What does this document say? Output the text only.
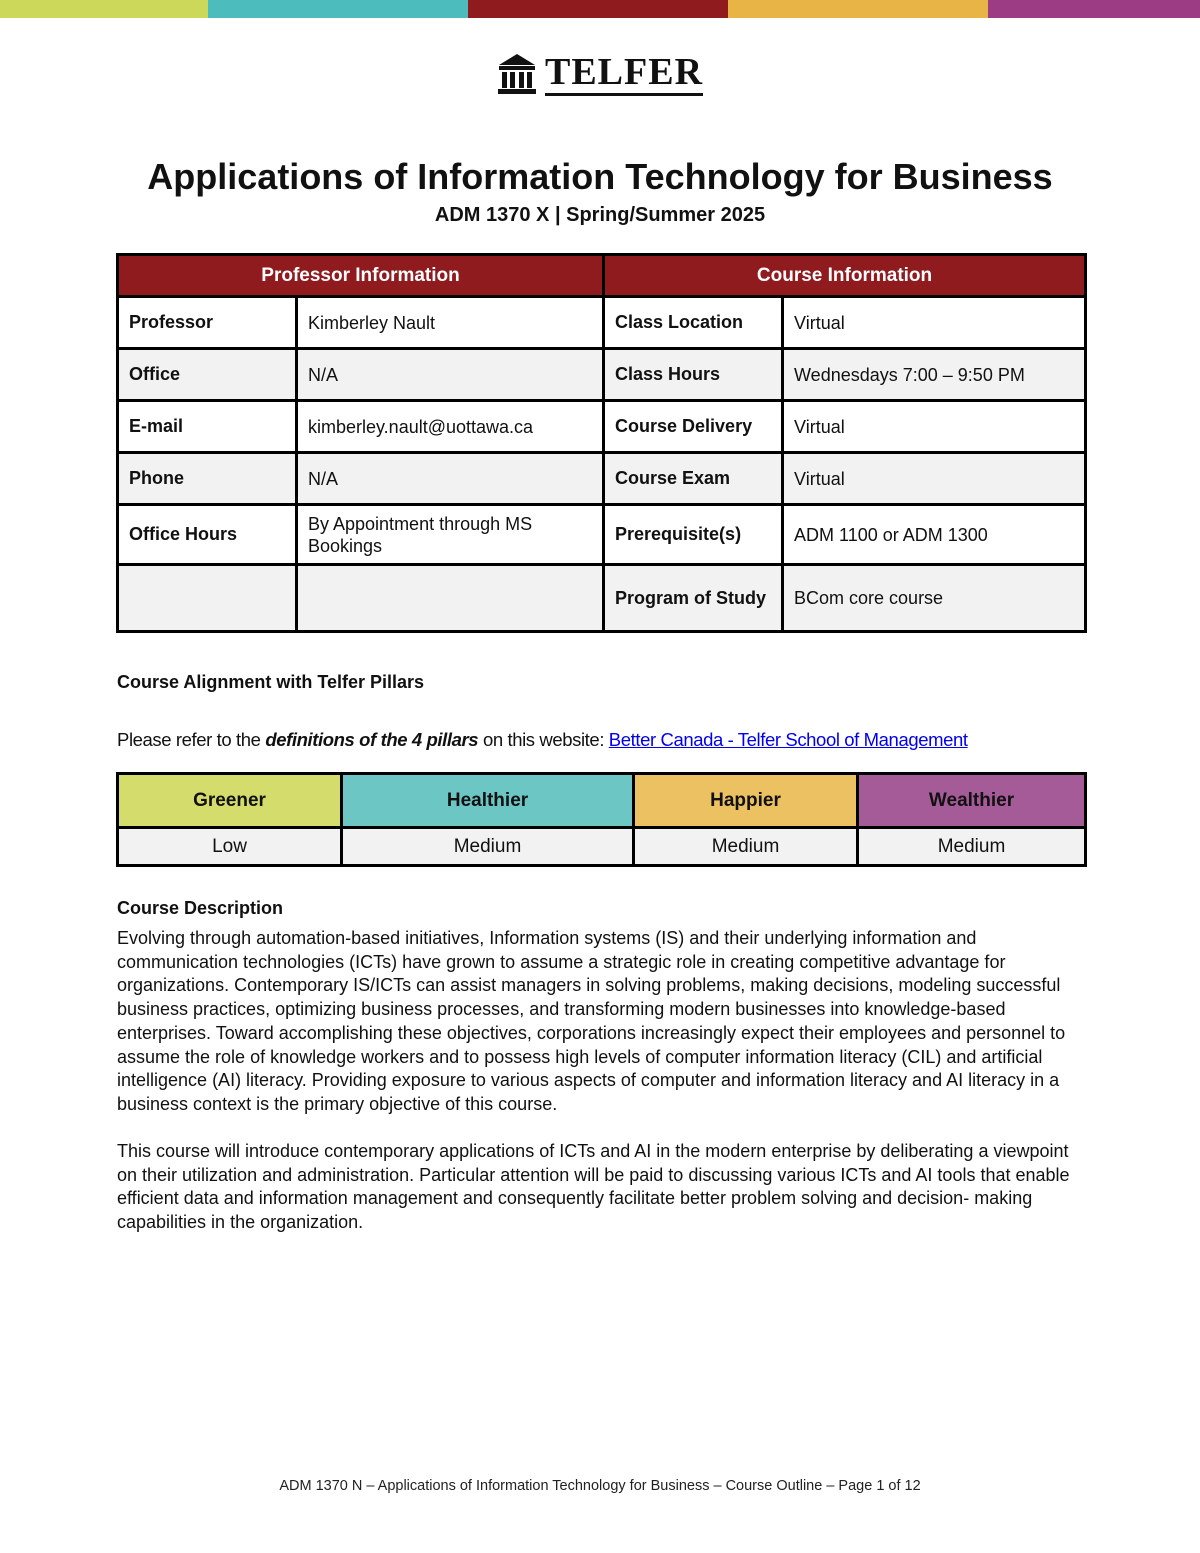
TELFER
Applications of Information Technology for Business
ADM 1370 X | Spring/Summer 2025
Professor Information		Course Information	
Professor	Kimberley Nault	Class Location	Virtual
Office	N/A	Class Hours	Wednesdays 7:00 – 9:50 PM
E-mail	kimberley.nault@uottawa.ca	Course Delivery	Virtual
Phone	N/A	Course Exam	Virtual
Office Hours	By Appointment through MS Bookings	Prerequisite(s)	ADM 1100 or ADM 1300
		Program of Study	BCom core course
Course Alignment with Telfer Pillars
Please refer to the definitions of the 4 pillars on this website: Better Canada - Telfer School of Management
Greener	Healthier	Happier	Wealthier
Low	Medium	Medium	Medium
Course Description
Evolving through automation-based initiatives, Information systems (IS) and their underlying information and communication technologies (ICTs) have grown to assume a strategic role in creating competitive advantage for organizations. Contemporary IS/ICTs can assist managers in solving problems, making decisions, modeling successful business practices, optimizing business processes, and transforming modern businesses into knowledge-based enterprises. Toward accomplishing these objectives, corporations increasingly expect their employees and personnel to assume the role of knowledge workers and to possess high levels of computer information literacy (CIL) and artificial intelligence (AI) literacy. Providing exposure to various aspects of computer and information literacy and AI literacy in a business context is the primary objective of this course.
This course will introduce contemporary applications of ICTs and AI in the modern enterprise by deliberating a viewpoint on their utilization and administration. Particular attention will be paid to discussing various ICTs and AI tools that enable efficient data and information management and consequently facilitate better problem solving and decision- making capabilities in the organization.
ADM 1370 N – Applications of Information Technology for Business – Course Outline – Page 1 of 12
